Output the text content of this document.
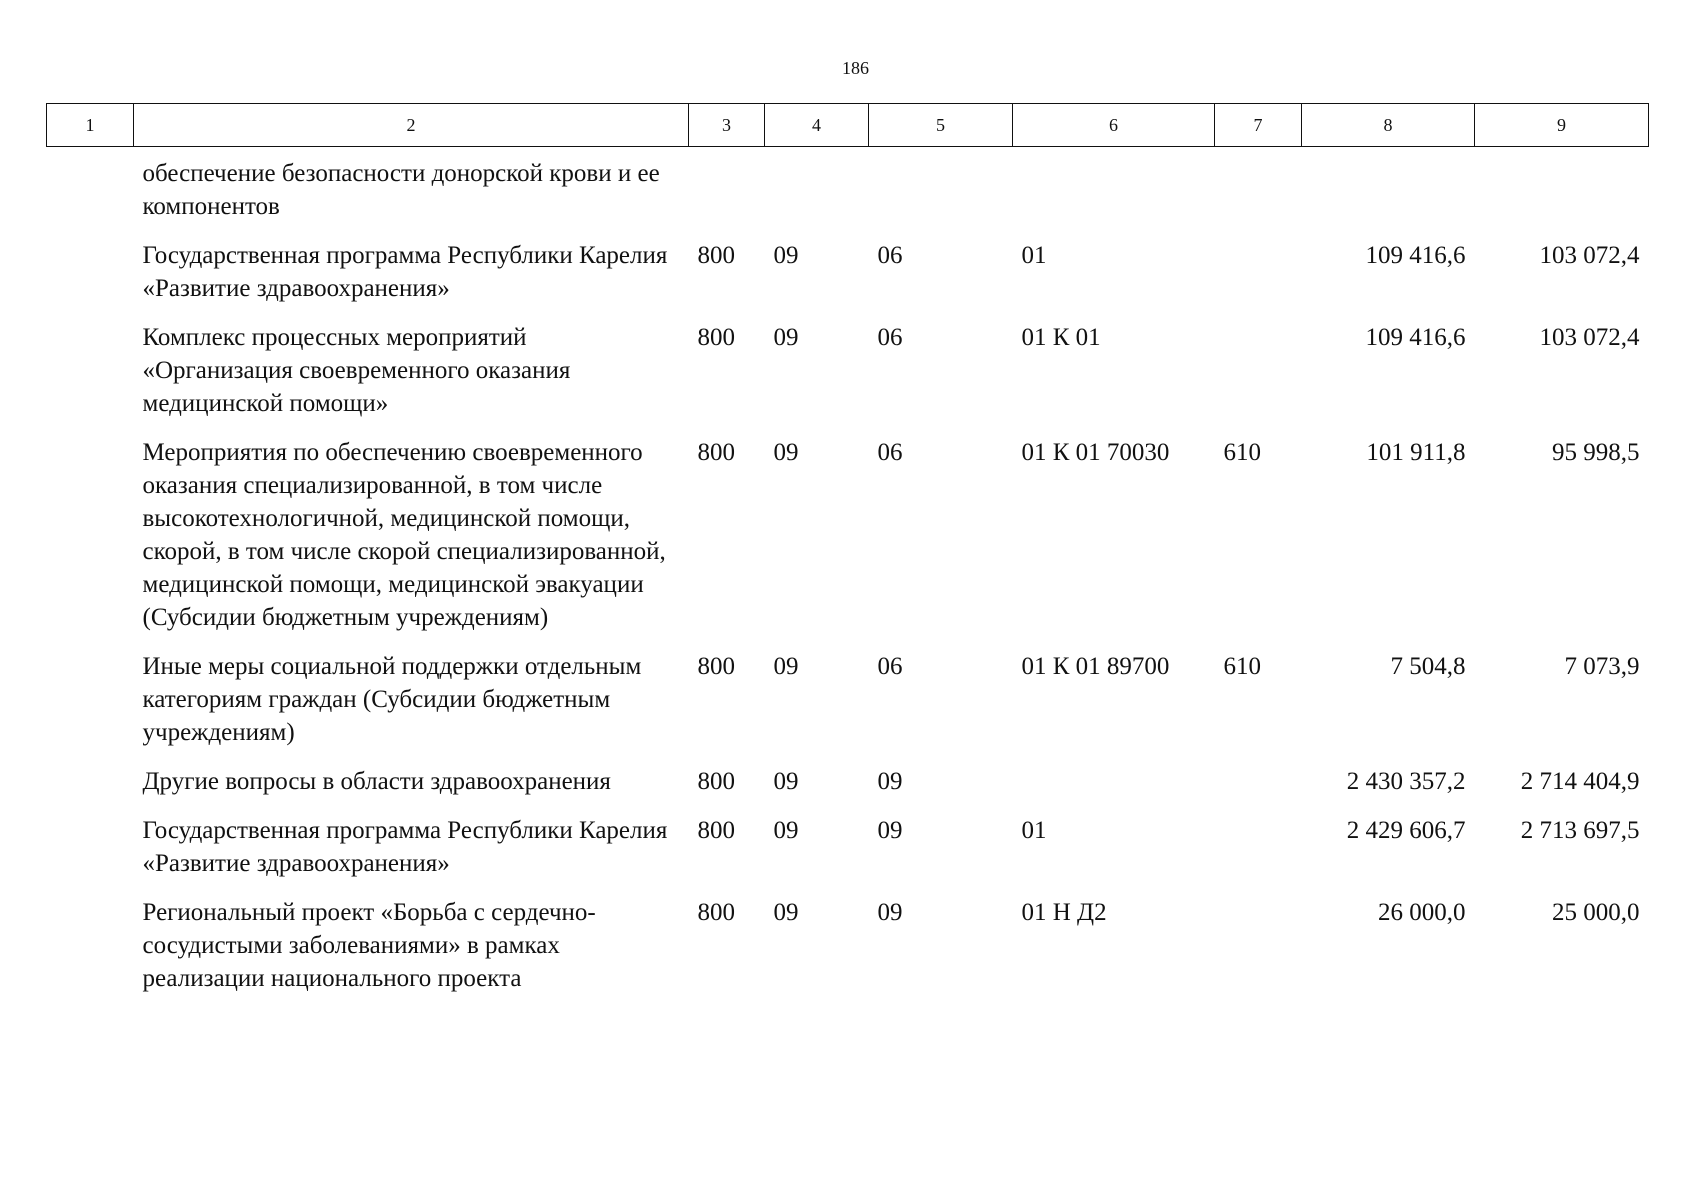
186
1	2	3	4	5	6	7	8	9
	обеспечение безопасности донорской крови и ее компонентов							
	Государственная программа Республики Карелия «Развитие здравоохранения»	800	09	06	01		109 416,6	103 072,4
	Комплекс процессных мероприятий «Организация своевременного оказания медицинской помощи»	800	09	06	01 К 01		109 416,6	103 072,4
	Мероприятия по обеспечению своевременного оказания специализированной, в том числе высокотехнологичной, медицинской помощи, скорой, в том числе скорой специализированной, медицинской помощи, медицинской эвакуации (Субсидии бюджетным учреждениям)	800	09	06	01 К 01 70030	610	101 911,8	95 998,5
	Иные меры социальной поддержки отдельным категориям граждан (Субсидии бюджетным учреждениям)	800	09	06	01 К 01 89700	610	7 504,8	7 073,9
	Другие вопросы в области здравоохранения	800	09	09			2 430 357,2	2 714 404,9
	Государственная программа Республики Карелия «Развитие здравоохранения»	800	09	09	01		2 429 606,7	2 713 697,5
	Региональный проект «Борьба с сердечно-сосудистыми заболеваниями» в рамках реализации национального проекта	800	09	09	01 Н Д2		26 000,0	25 000,0
